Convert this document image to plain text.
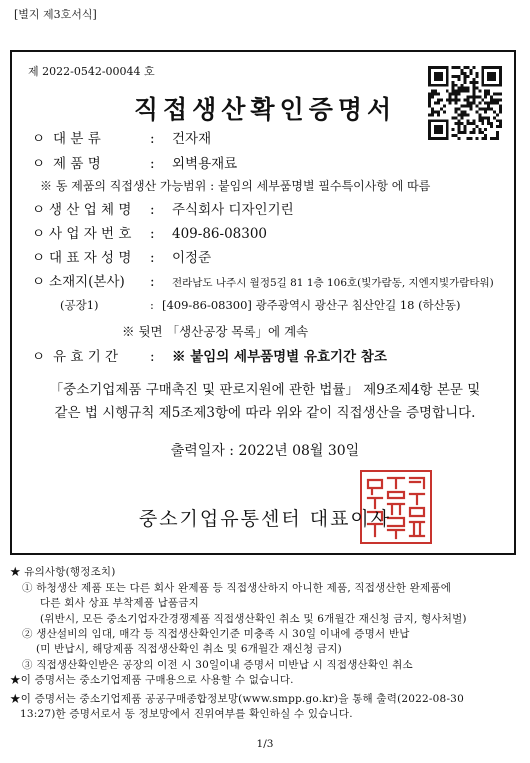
[별지 제3호서식]
제 2022-0542-00044 호
직접생산확인증명서
ㅇ 대 분 류	: 건자재
ㅇ 제 품 명	: 외벽용재료
※ 동 제품의 직접생산 가능범위 : 붙임의 세부품명별 필수특이사항 에 따름
ㅇ 생 산 업 체 명 : 주식회사 디자인기린
ㅇ 사 업 자 번 호 : 409-86-08300
ㅇ 대 표 자 성 명 : 이정준
ㅇ 소재지(본사) : 전라남도 나주시 월정5길 81 1층 106호(빛가람동, 지엔지빛가람타워)
(공장1)	: [409-86-08300] 광주광역시 광산구 침산안길 18 (하산동)
※ 뒷면 「생산공장 목록」에 계속
ㅇ 유 효 기 간 : ※ 붙임의 세부품명별 유효기간 참조
「중소기업제품 구매촉진 및 판로지원에 관한 법률」 제9조제4항 본문 및
같은 법 시행규칙 제5조제3항에 따라 위와 같이 직접생산을 증명합니다.
출력일자 : 2022년 08월 30일
중소기업유통센터 대표이사
★ 유의사항(행정조치)
① 하청생산 제품 또는 다른 회사 완제품 등 직접생산하지 아니한 제품, 직접생산한 완제품에
다른 회사 상표 부착제품 납품금지
(위반시, 모든 중소기업자간경쟁제품 직접생산확인 취소 및 6개월간 재신청 금지, 형사처벌)
② 생산설비의 임대, 매각 등 직접생산확인기준 미충족 시 30일 이내에 증명서 반납
(미 반납시, 해당제품 직접생산확인 취소 및 6개월간 재신청 금지)
③ 직접생산확인받은 공장의 이전 시 30일이내 증명서 미반납 시 직접생산확인 취소
★이 증명서는 중소기업제품 구매용으로 사용할 수 없습니다.
★이 증명서는 중소기업제품 공공구매종합정보망(www.smpp.go.kr)을 통해 출력(2022-08-30
13:27)한 증명서로서 동 정보망에서 진위여부를 확인하실 수 있습니다.
1/3
